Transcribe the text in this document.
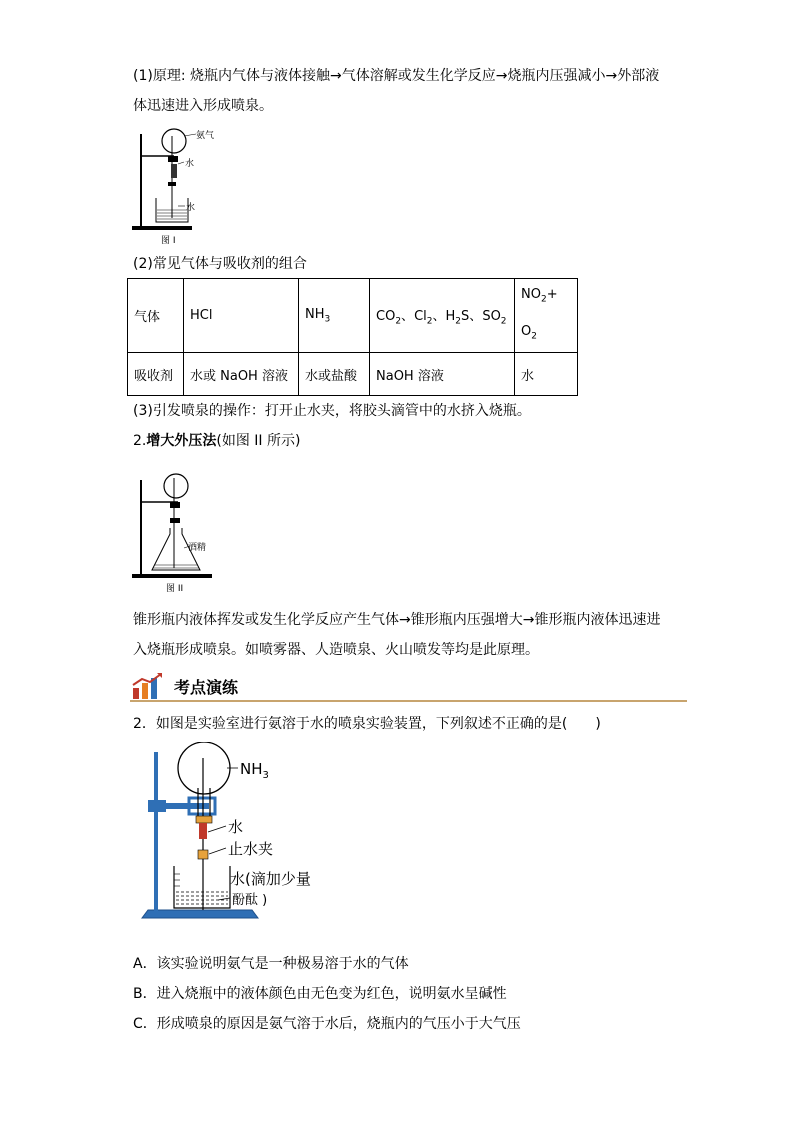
(1)原理: 烧瓶内气体与液体接触→气体溶解或发生化学反应→烧瓶内压强减小→外部液
体迅速进入形成喷泉。
氨气
水
水
图 I
(2)常见气体与吸收剂的组合
气体	HCl	$NH_3$	$CO_2$、$Cl_2$、$H_2S$、$SO_2$	$NO_2+$
$O_2$
吸收剂	水或 NaOH 溶液	水或盐酸	NaOH 溶液	水
(3)引发喷泉的操作：打开止水夹，将胶头滴管中的水挤入烧瓶。
2.增大外压法(如图 II 所示)
酒精
图 II
锥形瓶内液体挥发或发生化学反应产生气体→锥形瓶内压强增大→锥形瓶内液体迅速进
入烧瓶形成喷泉。如喷雾器、人造喷泉、火山喷发等均是此原理。
考点演练
2．如图是实验室进行氨溶于水的喷泉实验装置，下列叙述不正确的是(　　)
$NH_3$
水
止水夹
水(滴加少量
酚酞 )
A．该实验说明氨气是一种极易溶于水的气体
B．进入烧瓶中的液体颜色由无色变为红色，说明氨水呈碱性
C．形成喷泉的原因是氨气溶于水后，烧瓶内的气压小于大气压
